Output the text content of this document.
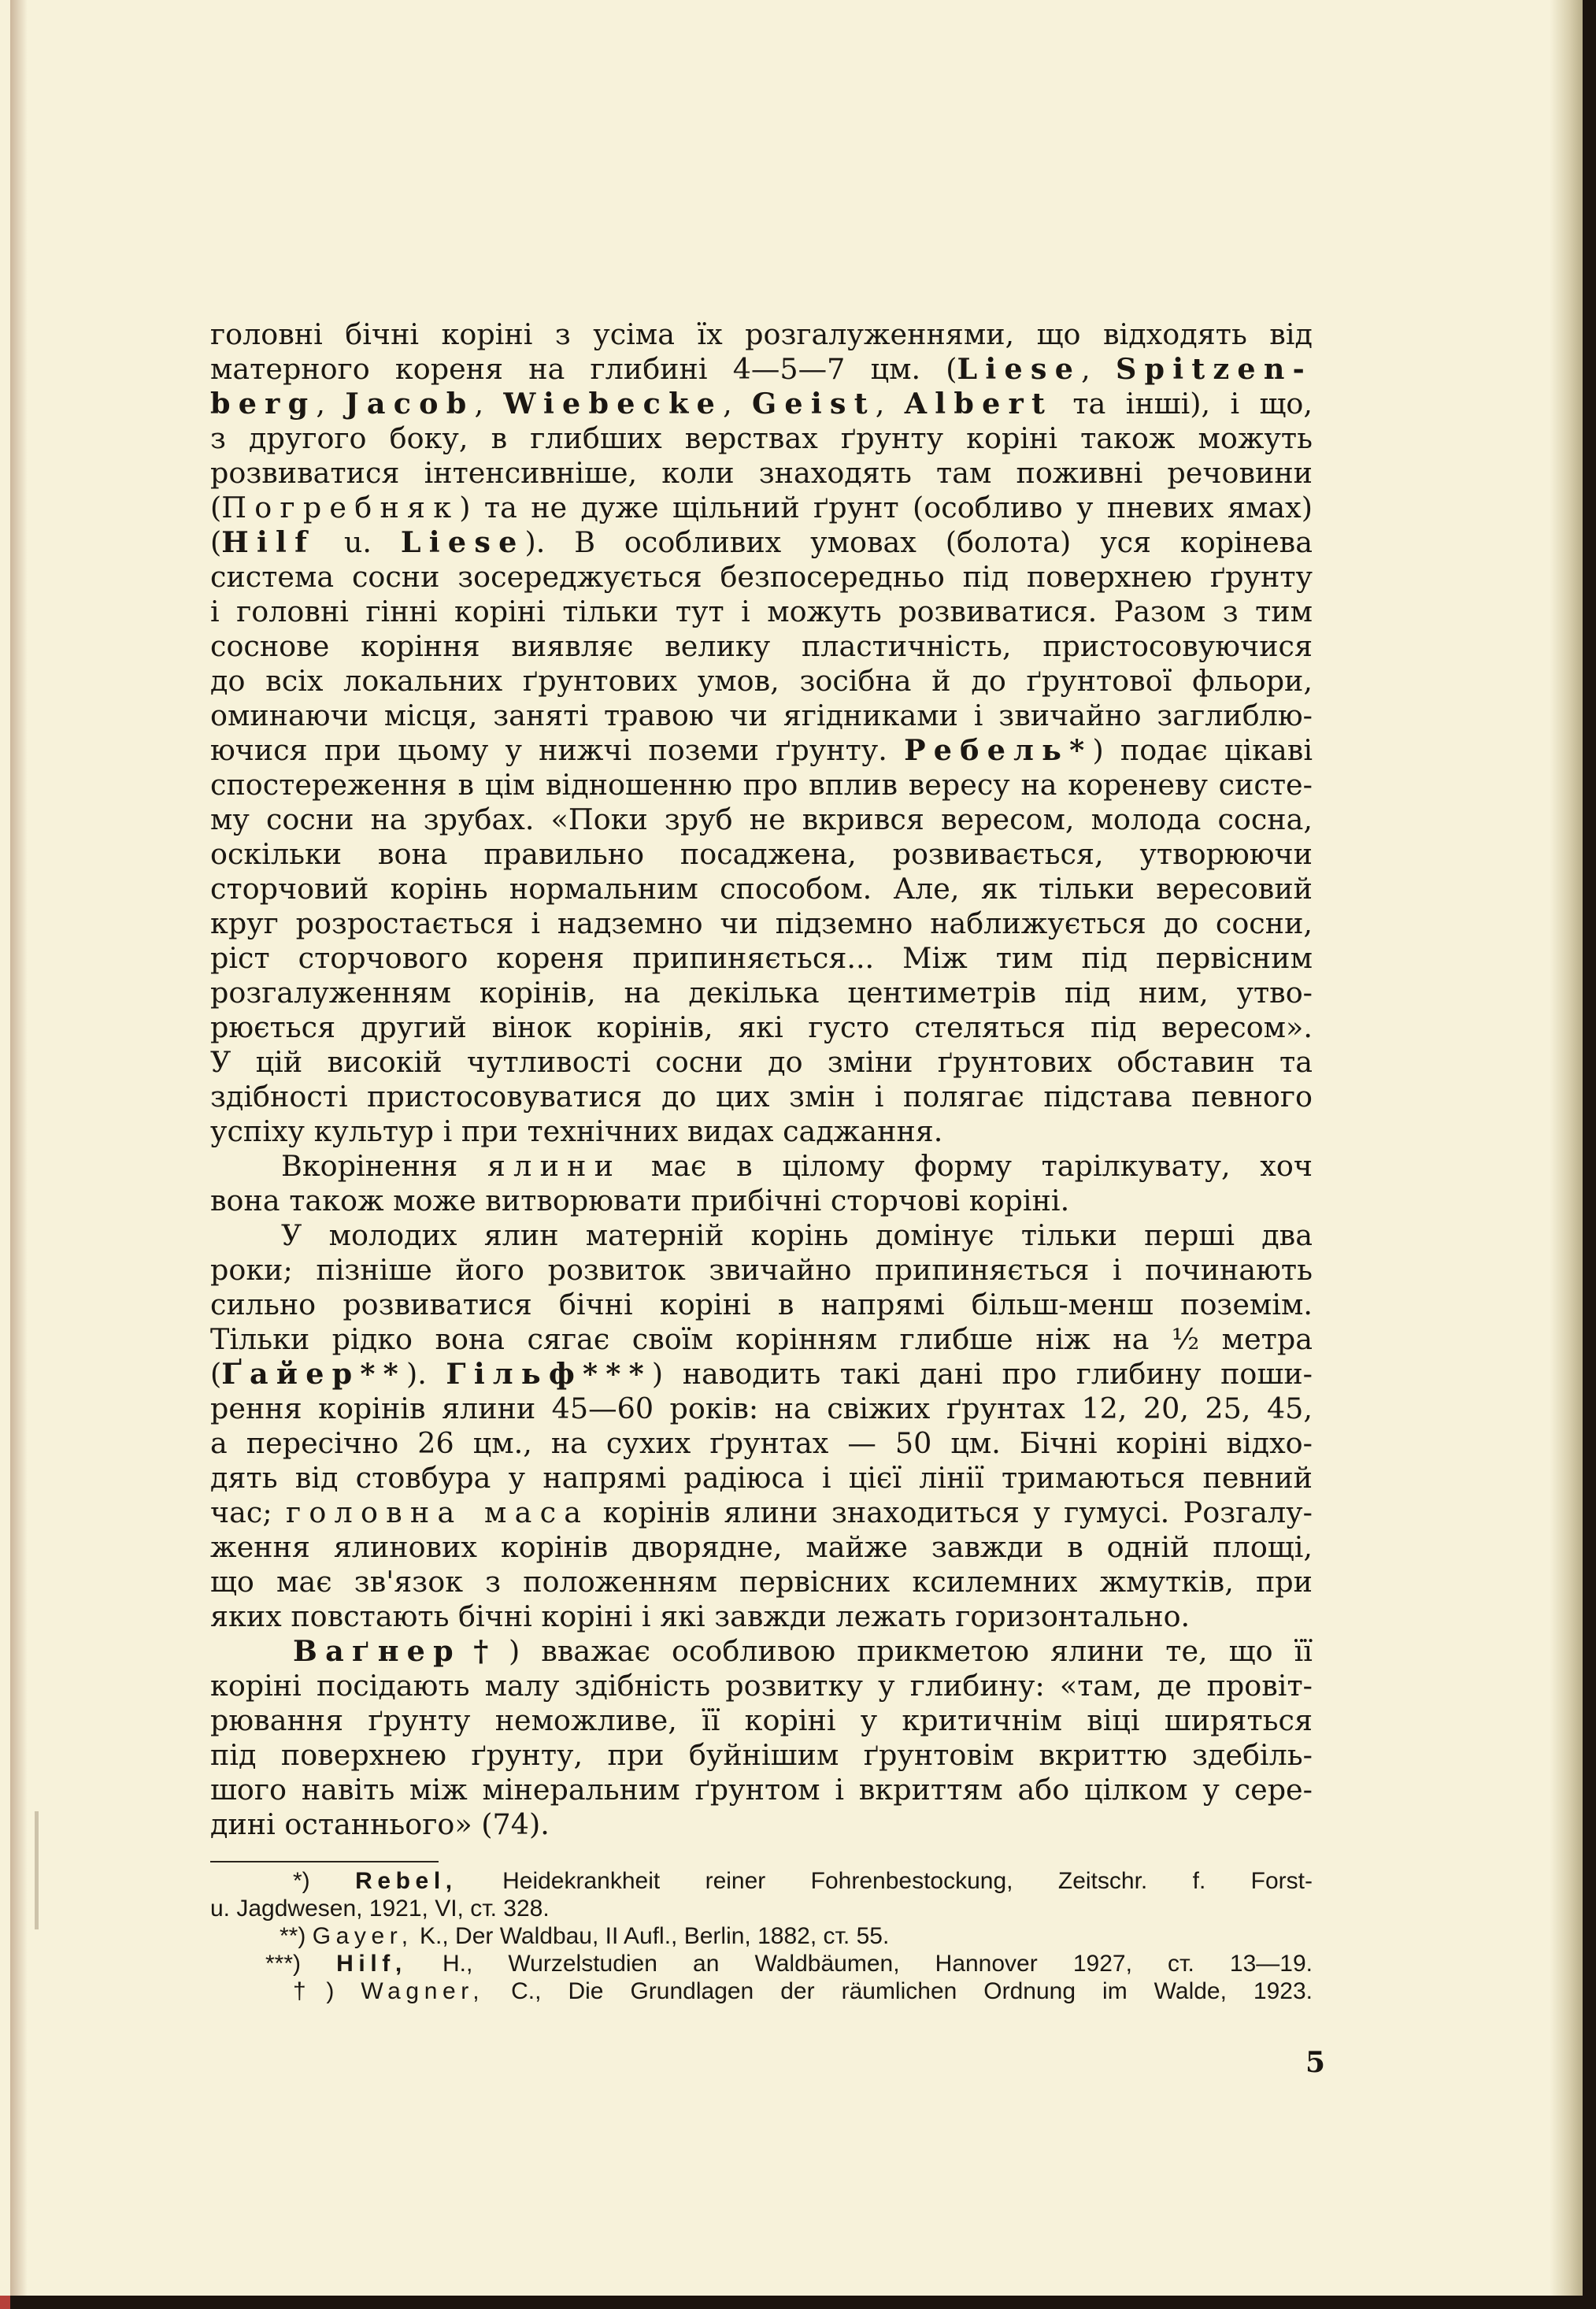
головні бічні корінi з усіма їх розгалуженнями, що відходять від
матерного кореня на глибині 4—5—7 цм. (Liese, Spitzen-
berg, Jacob, Wiebecke, Geist, Albert та інші), і що,
з другого боку, в глибших верствах ґрунту коріні також можуть
розвиватися інтенсивніше, коли знаходять там поживні речовини
(Погребняк) та не дуже щільний ґрунт (особливо у пневих ямах)
(Hilf u. Liese). В особливих умовах (болота) уся корінева
система сосни зосереджується безпосередньо під поверхнею ґрунту
і головні гінні коріні тільки тут і можуть розвиватися. Разом з тим
соснове коріння виявляє велику пластичність, пристосовуючися
до всіх локальних ґрунтових умов, зосібна й до ґрунтової фльори,
оминаючи місця, заняті травою чи ягідниками і звичайно заглиблю-
ючися при цьому у нижчі поземи ґрунту. Ребель*) подає цікаві
спостереження в цім відношенню про вплив вересу на кореневу систе-
му сосни на зрубах. «Поки зруб не вкрився вересом, молода сосна,
оскільки вона правильно посаджена, розвивається, утворюючи
сторчовий корінь нормальним способом. Але, як тільки вересовий
круг розростається і надземно чи підземно наближується до сосни,
ріст сторчового кореня припиняється... Між тим під первісним
розгалуженням корінів, на декілька центиметрів під ним, утво-
рюється другий вінок корінів, які густо стеляться під вересом».
У цій високій чутливості сосни до зміни ґрунтових обставин та
здібності пристосовуватися до цих змін і полягає підстава певного
успіху культур і при технічних видах саджання.
Вкорінення ялини має в цілому форму тарілкувату, хоч
вона також може витворювати прибічні сторчові коріні.
У молодих ялин матерній корінь домінує тільки перші два
роки; пізніше його розвиток звичайно припиняється і починають
сильно розвиватися бічні коріні в напрямі більш-менш поземім.
Тільки рідко вона сягає своїм корінням глибше ніж на ½ метра
(Ґайер**). Гільф***) наводить такі дані про глибину поши-
рення корінів ялини 45—60 років: на свіжих ґрунтах 12, 20, 25, 45,
а пересічно 26 цм., на сухих ґрунтах — 50 цм. Бічні коріні відхо-
дять від стовбура у напрямі радіюса і цієї лінії тримаються певний
час; головна маса корінів ялини знаходиться у гумусі. Розгалу-
ження ялинових корінів дворядне, майже завжди в одній площі,
що має зв'язок з положенням первісних ксилемних жмутків, при
яких повстають бічні коріні і які завжди лежать горизонтально.
Ваґнер†) вважає особливою прикметою ялини те, що її
коріні посідають малу здібність розвитку у глибину: «там, де провіт-
рювання ґрунту неможливе, її коріні у критичнім віці ширяться
під поверхнею ґрунту, при буйнішим ґрунтовім вкриттю здебіль-
шого навіть між мінеральним ґрунтом і вкриттям або цілком у сере-
дині останнього» (74).
*) Rebel, Heidekrankheit reiner Fohrenbestockung, Zeitschr. f. Forst-
u. Jagdwesen, 1921, VI, ст. 328.
**) Gayer, K., Der Waldbau, II Aufl., Berlin, 1882, ст. 55.
***) Hilf, H., Wurzelstudien an Waldbäumen, Hannover 1927, ст. 13—19.
†) Wagner, C., Die Grundlagen der räumlichen Ordnung im Walde, 1923.
5
